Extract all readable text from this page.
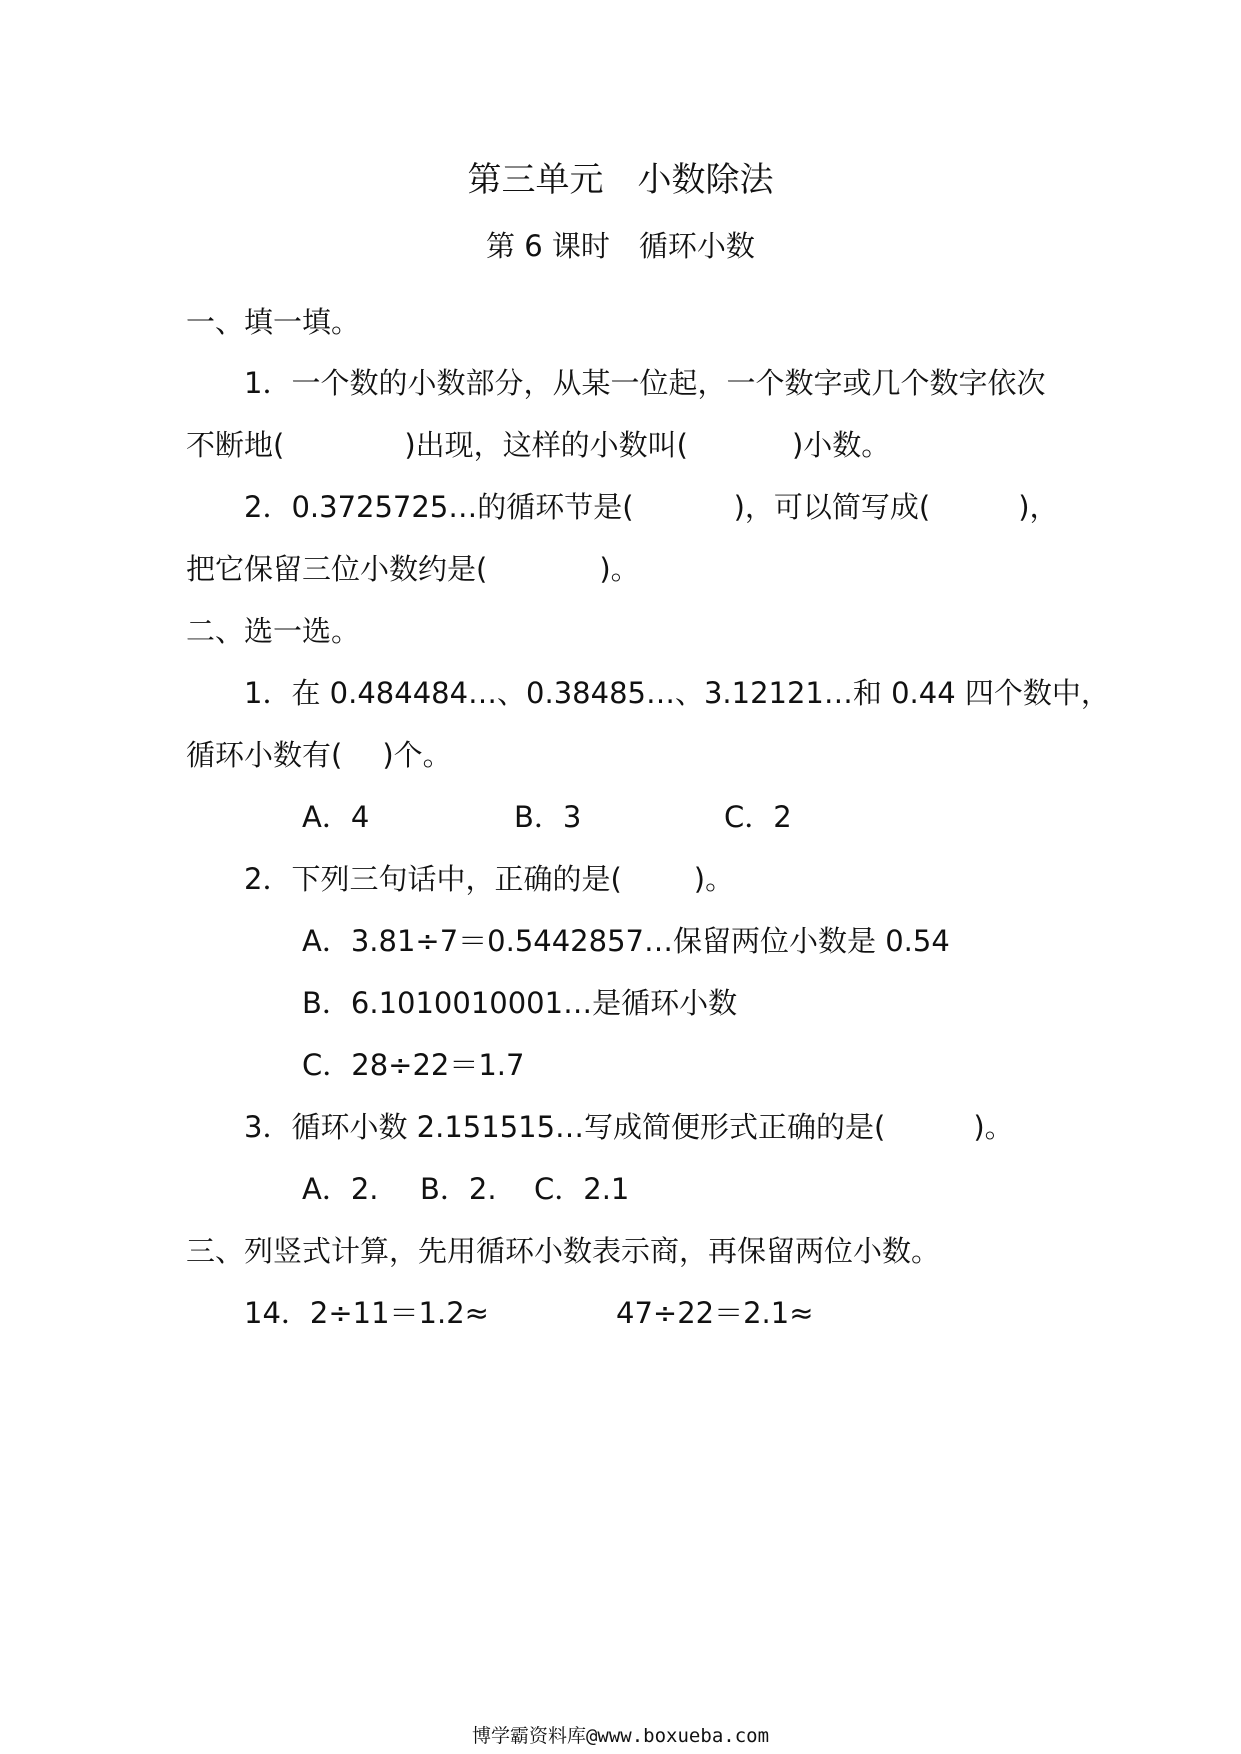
第三单元　小数除法
第 6 课时　循环小数
一、填一填。
1．一个数的小数部分，从某一位起，一个数字或几个数字依次
不断地(	)出现，这样的小数叫(	)小数。
2．0.3725725…的循环节是(	)，可以简写成(	)，
把它保留三位小数约是(	)。
二、选一选。
1．在 0.484484…、0.38485…、3.12121…和 0.44 四个数中，
循环小数有( )个。
A．4	B．3	C．2
2．下列三句话中，正确的是( )。
A．3.81÷7＝0.5442857…保留两位小数是 0.54
B．6.1010010001…是循环小数
C．28÷22＝1.7
3．循环小数 2.151515…写成简便形式正确的是(	)。
A．2. B．2. C．2.1
三、列竖式计算，先用循环小数表示商，再保留两位小数。
14．2÷11＝1.2≈	47÷22＝2.1≈
博学霸资料库@www.boxueba.com
